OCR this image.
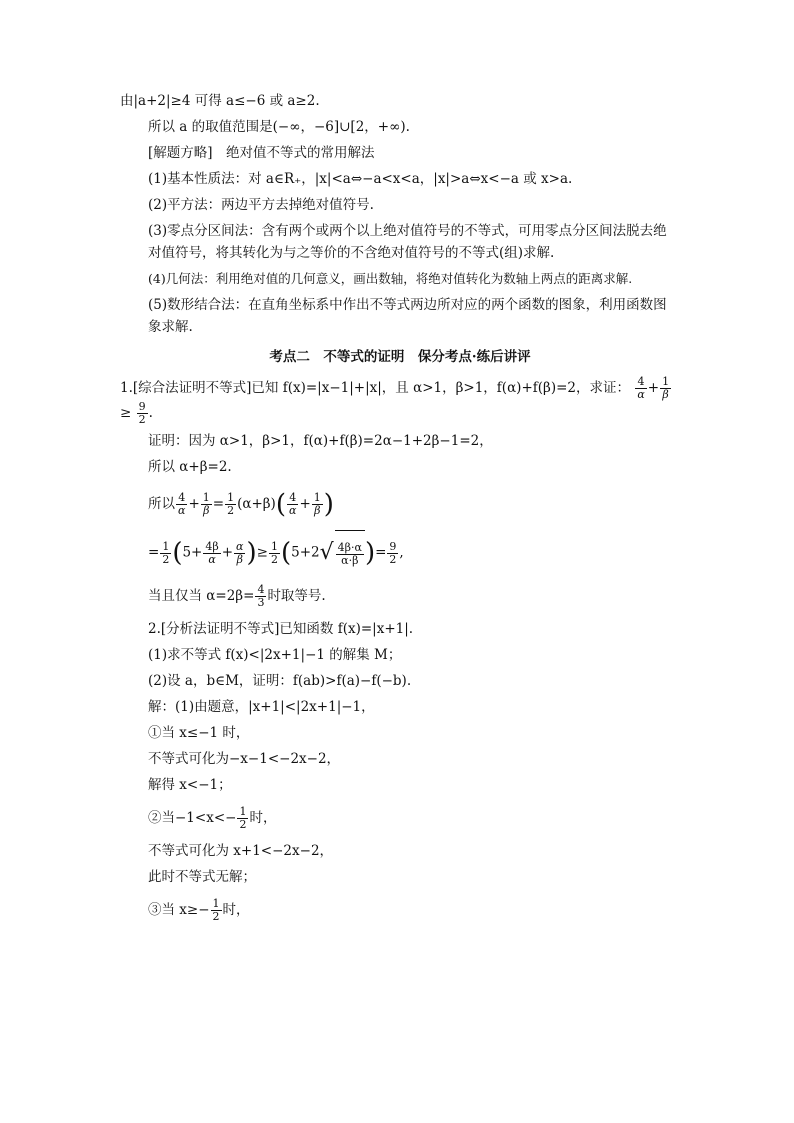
由|a+2|≥4 可得 a≤−6 或 a≥2.

所以 a 的取值范围是(−∞，−6]∪[2，+∞).

[解题方略]　绝对值不等式的常用解法

(1)基本性质法：对 a∈R₊，|x|<a⇔−a<x<a，|x|>a⇔x<−a 或 x>a.

(2)平方法：两边平方去掉绝对值符号.

(3)零点分区间法：含有两个或两个以上绝对值符号的不等式，可用零点分区间法脱去绝对值符号，将其转化为与之等价的不含绝对值符号的不等式(组)求解.

(4)几何法：利用绝对值的几何意义，画出数轴，将绝对值转化为数轴上两点的距离求解.

(5)数形结合法：在直角坐标系中作出不等式两边所对应的两个函数的图象，利用函数图象求解.

考点二　不等式的证明　保分考点·练后讲评

1.[综合法证明不等式]已知 f(x)=|x−1|+|x|，且 α>1，β>1，f(α)+f(β)=2，求证： $\frac{4}{\alpha} + \frac{1}{\beta}$
≥ $\frac{9}{2}$ .

证明：因为 α>1，β>1，f(α)+f(β)=2α−1+2β−1=2，

所以 α+β=2.

所以 $\frac{4}{\alpha} + \frac{1}{\beta} = \frac{1}{2} (\alpha+\beta)( \frac{4}{\alpha} + \frac{1}{\beta}$ )
= $\frac{1}{2} (5+ \frac{4\beta}{\alpha} + \frac{\alpha}{\beta}$ )≥ $\frac{1}{2} (5+2√ \frac{4\beta\cdot\alpha}{\alpha\cdot\beta}$ )= $\frac{9}{2}$ ,
当且仅当 $\alpha=2\beta= \frac{4}{3}$ 时取等号.

2.[分析法证明不等式]已知函数 f(x)=|x+1|.

(1)求不等式 f(x)<|2x+1|−1 的解集 M；

(2)设 a，b∈M，证明：f(ab)>f(a)−f(−b).

解：(1)由题意，|x+1|<|2x+1|−1，

①当 x≤−1 时，

不等式可化为−x−1<−2x−2，

解得 x<−1；

②当$-1<x<- \frac{1}{2}$ 时，

不等式可化为 x+1<−2x−2，

此时不等式无解；

③当 $x\ge- \frac{1}{2}$ 时，
